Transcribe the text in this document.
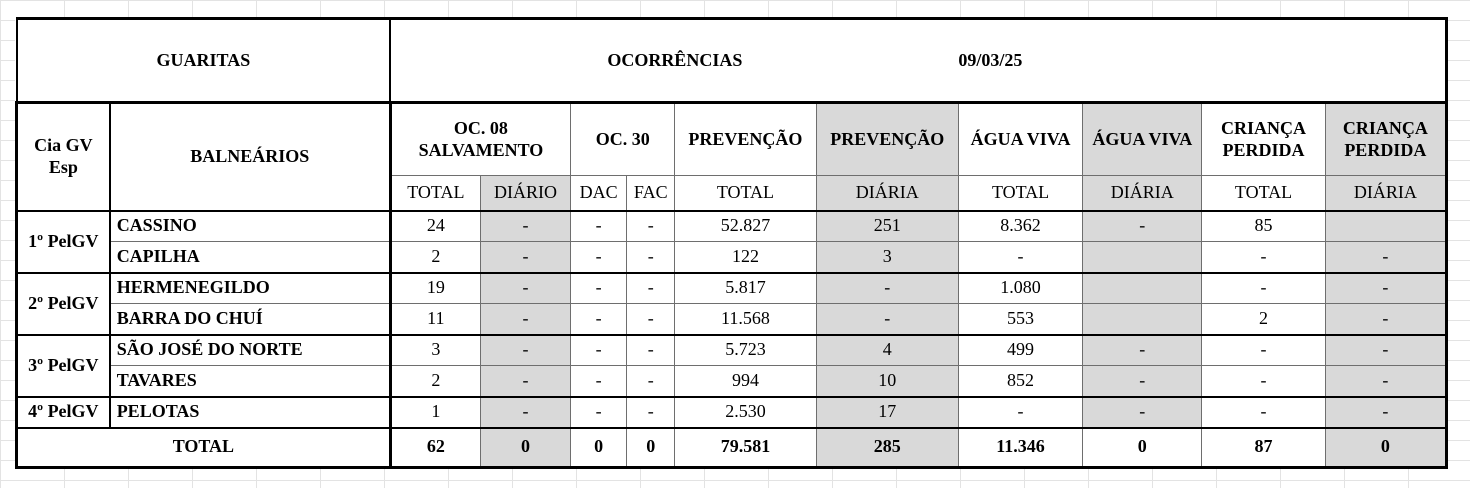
GUARITAS		OCORRÊNCIAS						09/03/25			
Cia GV Esp	BALNEÁRIOS	OC. 08 SALVAMENTO		OC. 30		PREVENÇÃO	PREVENÇÃO	ÁGUA VIVA	ÁGUA VIVA	CRIANÇA PERDIDA	CRIANÇA PERDIDA
		TOTAL	DIÁRIO	DAC	FAC	TOTAL	DIÁRIA	TOTAL	DIÁRIA	TOTAL	DIÁRIA
1º PelGV	CASSINO	24	-	-	-	52.827	251	8.362	-	85	
	CAPILHA	2	-	-	-	122	3	-		-	-
2º PelGV	HERMENEGILDO	19	-	-	-	5.817	-	1.080		-	-
	BARRA DO CHUÍ	11	-	-	-	11.568	-	553		2	-
3º PelGV	SÃO JOSÉ DO NORTE	3	-	-	-	5.723	4	499	-	-	-
	TAVARES	2	-	-	-	994	10	852	-	-	-
4º PelGV	PELOTAS	1	-	-	-	2.530	17	-	-	-	-
TOTAL		62	0	0	0	79.581	285	11.346	0	87	0
